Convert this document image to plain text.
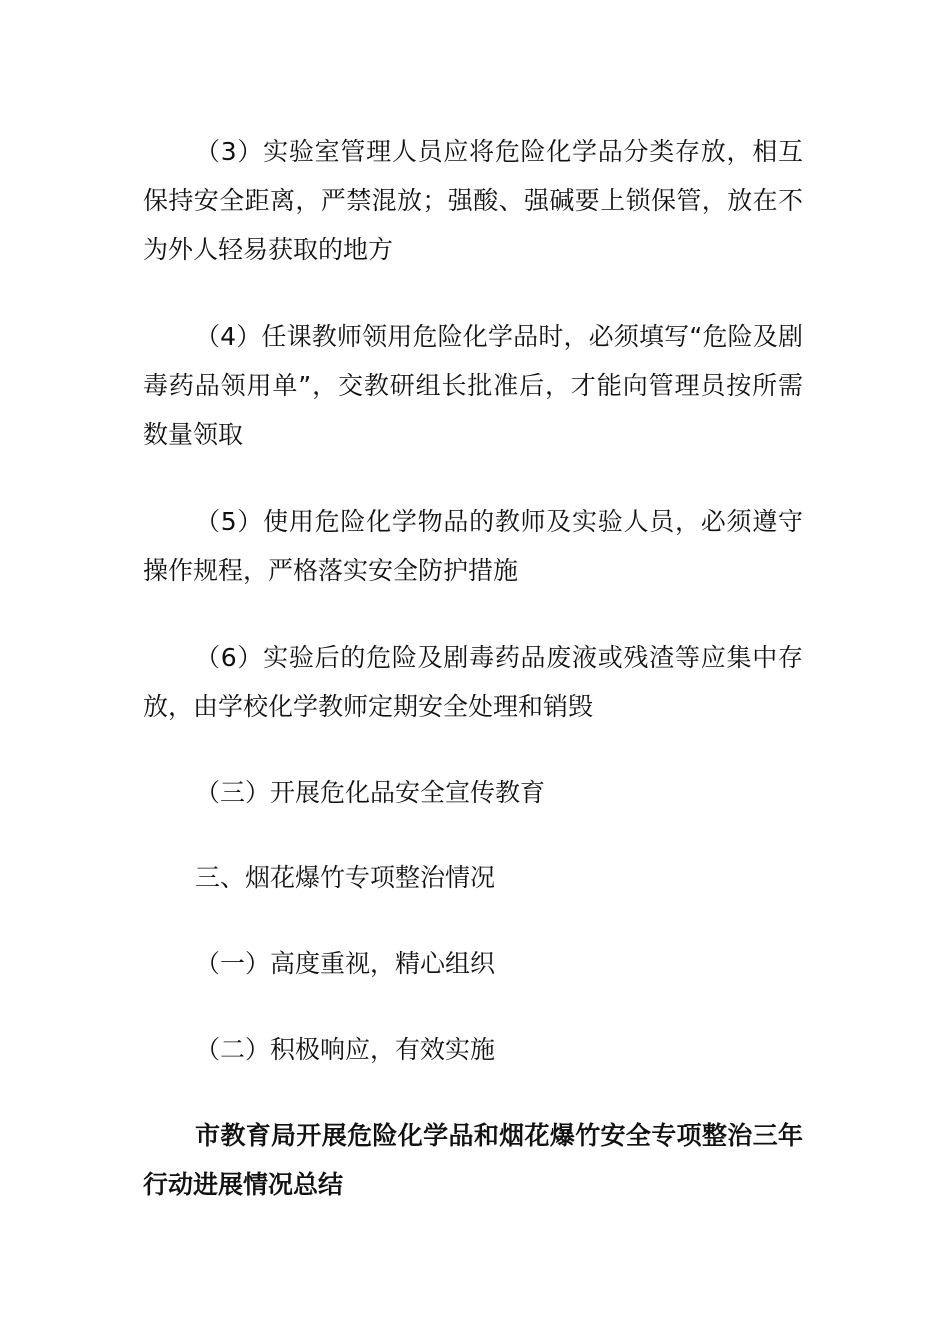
（3）实验室管理人员应将危险化学品分类存放，相互保持安全距离，严禁混放；强酸、强碱要上锁保管，放在不为外人轻易获取的地方

（4）任课教师领用危险化学品时，必须填写“危险及剧毒药品领用单”，交教研组长批准后，才能向管理员按所需数量领取

（5）使用危险化学物品的教师及实验人员，必须遵守操作规程，严格落实安全防护措施

（6）实验后的危险及剧毒药品废液或残渣等应集中存放，由学校化学教师定期安全处理和销毁

（三）开展危化品安全宣传教育

三、烟花爆竹专项整治情况

（一）高度重视，精心组织

（二）积极响应，有效实施

市教育局开展危险化学品和烟花爆竹安全专项整治三年行动进展情况总结
